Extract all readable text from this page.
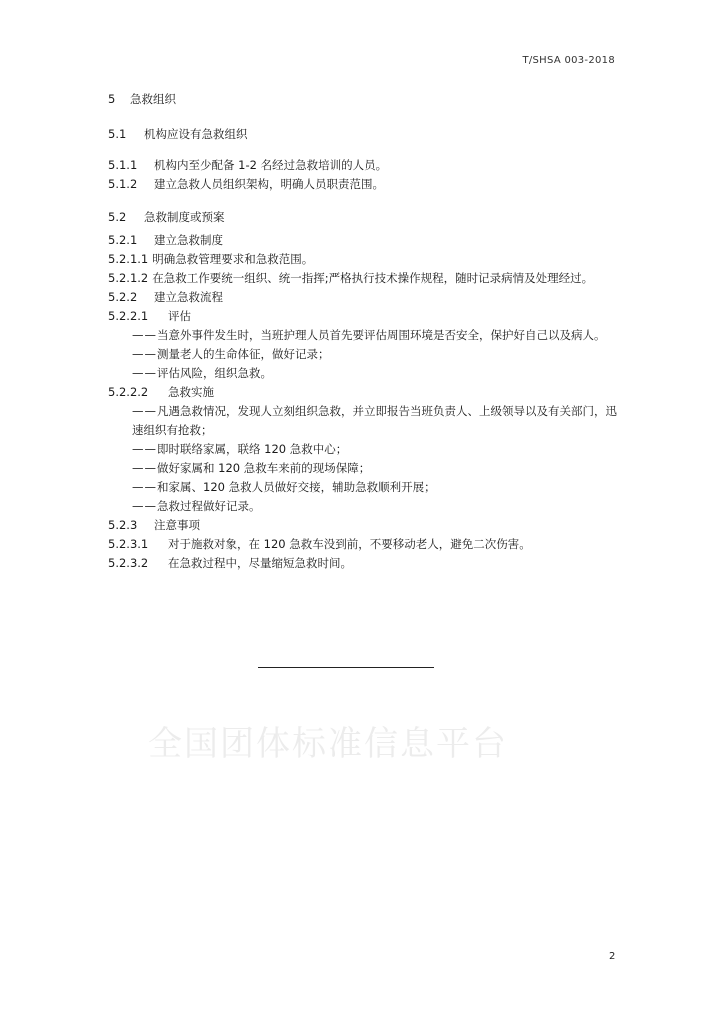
T/SHSA 003-2018
5 急救组织
5.1 机构应设有急救组织
5.1.1 机构内至少配备 1-2 名经过急救培训的人员。
5.1.2 建立急救人员组织架构，明确人员职责范围。
5.2 急救制度或预案
5.2.1 建立急救制度
5.2.1.1 明确急救管理要求和急救范围。
5.2.1.2 在急救工作要统一组织、统一指挥;严格执行技术操作规程，随时记录病情及处理经过。
5.2.2 建立急救流程
5.2.2.1 评估
——当意外事件发生时，当班护理人员首先要评估周围环境是否安全，保护好自己以及病人。
——测量老人的生命体征，做好记录；
——评估风险，组织急救。
5.2.2.2 急救实施
——凡遇急救情况，发现人立刻组织急救，并立即报告当班负责人、上级领导以及有关部门，迅速组织有抢救；
——即时联络家属，联络 120 急救中心；
——做好家属和 120 急救车来前的现场保障；
——和家属、120 急救人员做好交接，辅助急救顺利开展；
——急救过程做好记录。
5.2.3 注意事项
5.2.3.1 对于施救对象，在 120 急救车没到前，不要移动老人，避免二次伤害。
5.2.3.2 在急救过程中，尽量缩短急救时间。
全国团体标准信息平台
2
